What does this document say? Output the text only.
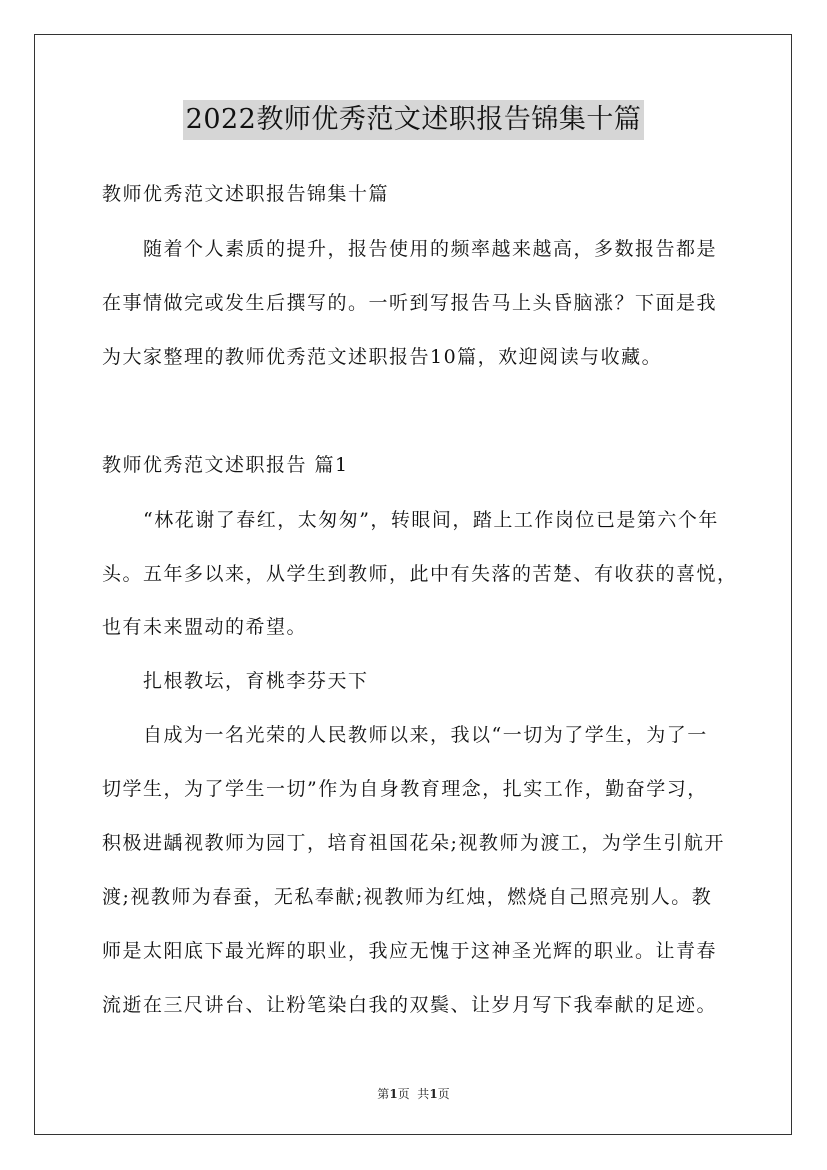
2022教师优秀范文述职报告锦集十篇
教师优秀范文述职报告锦集十篇
随着个人素质的提升，报告使用的频率越来越高，多数报告都是
在事情做完或发生后撰写的。一听到写报告马上头昏脑涨？下面是我
为大家整理的教师优秀范文述职报告10篇，欢迎阅读与收藏。
教师优秀范文述职报告 篇1
“林花谢了春红，太匆匆”，转眼间，踏上工作岗位已是第六个年
头。五年多以来，从学生到教师，此中有失落的苦楚、有收获的喜悦，
也有未来盟动的希望。
扎根教坛，育桃李芬天下
自成为一名光荣的人民教师以来，我以“一切为了学生，为了一
切学生，为了学生一切”作为自身教育理念，扎实工作，勤奋学习，
积极进龋视教师为园丁，培育祖国花朵;视教师为渡工，为学生引航开
渡;视教师为春蚕，无私奉献;视教师为红烛，燃烧自己照亮别人。教
师是太阳底下最光辉的职业，我应无愧于这神圣光辉的职业。让青春
流逝在三尺讲台、让粉笔染白我的双鬓、让岁月写下我奉献的足迹。
第1页  共1页
